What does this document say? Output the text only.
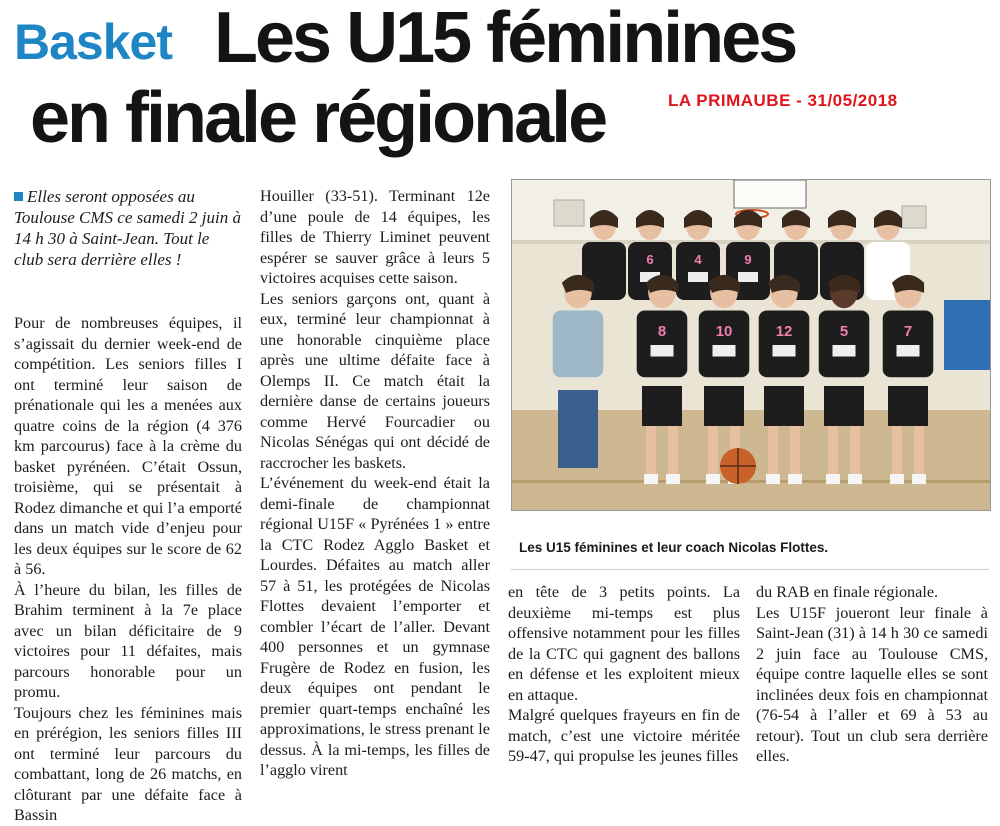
Basket Les U15 féminines
en finale régionale	LA PRIMAUBE - 31/05/2018
Elles seront opposées au Toulouse CMS ce samedi 2 juin à 14 h 30 à Saint-Jean. Tout le club sera derrière elles !

Pour de nombreuses équipes, il s’agissait du dernier week-end de compétition. Les seniors filles I ont terminé leur saison de prénationale qui les a menées aux quatre coins de la région (4 376 km parcourus) face à la crème du basket pyrénéen. C’était Ossun, troisième, qui se présentait à Rodez dimanche et qui l’a emporté dans un match vide d’enjeu pour les deux équipes sur le score de 62 à 56.

À l’heure du bilan, les filles de Brahim terminent à la 7e place avec un bilan déficitaire de 9 victoires pour 11 défaites, mais parcours honorable pour un promu.

Toujours chez les féminines mais en prérégion, les seniors filles III ont terminé leur parcours du combattant, long de 26 matchs, en clôturant par une défaite face à Bassin

Houiller (33-51). Terminant 12e d’une poule de 14 équipes, les filles de Thierry Liminet peuvent espérer se sauver grâce à leurs 5 victoires acquises cette saison.

Les seniors garçons ont, quant à eux, terminé leur championnat à une honorable cinquième place après une ultime défaite face à Olemps II. Ce match était la dernière danse de certains joueurs comme Hervé Fourcadier ou Nicolas Sénégas qui ont décidé de raccrocher les baskets.

L’événement du week-end était la demi-finale de championnat régional U15F « Pyrénées 1 » entre la CTC Rodez Agglo Basket et Lourdes. Défaites au match aller 57 à 51, les protégées de Nicolas Flottes devaient l’emporter et combler l’écart de l’aller. Devant 400 personnes et un gymnase Frugère de Rodez en fusion, les deux équipes ont pendant le premier quart-temps enchaîné les approximations, le stress prenant le dessus. À la mi-temps, les filles de l’agglo virent

6	4	9
8	10	12	5	7
Les U15 féminines et leur coach Nicolas Flottes.

en tête de 3 petits points. La deuxième mi-temps est plus offensive notamment pour les filles de la CTC qui gagnent des ballons en défense et les exploitent mieux en attaque.

Malgré quelques frayeurs en fin de match, c’est une victoire méritée 59-47, qui propulse les jeunes filles

du RAB en finale régionale.

Les U15F joueront leur finale à Saint-Jean (31) à 14 h 30 ce samedi 2 juin face au Toulouse CMS, équipe contre laquelle elles se sont inclinées deux fois en championnat (76-54 à l’aller et 69 à 53 au retour). Tout un club sera derrière elles.
